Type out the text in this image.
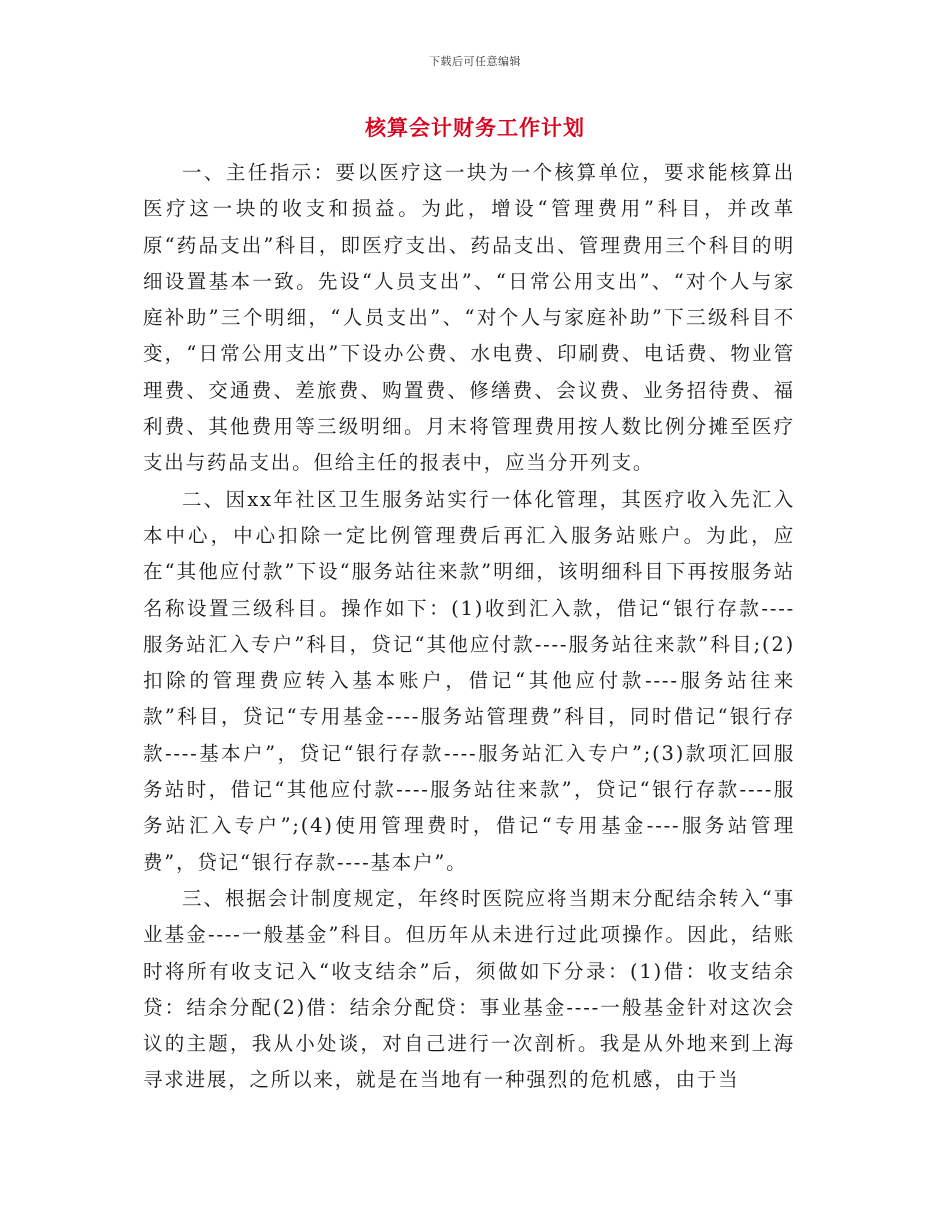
下载后可任意编辑
核算会计财务工作计划

一、主任指示：要以医疗这一块为一个核算单位，要求能核算出医疗这一块的收支和损益。为此，增设“管理费用”科目，并改革原“药品支出”科目，即医疗支出、药品支出、管理费用三个科目的明细设置基本一致。先设“人员支出”、“日常公用支出”、“对个人与家庭补助”三个明细，“人员支出”、“对个人与家庭补助”下三级科目不变，“日常公用支出”下设办公费、水电费、印刷费、电话费、物业管理费、交通费、差旅费、购置费、修缮费、会议费、业务招待费、福利费、其他费用等三级明细。月末将管理费用按人数比例分摊至医疗支出与药品支出。但给主任的报表中，应当分开列支。

二、因xx年社区卫生服务站实行一体化管理，其医疗收入先汇入本中心，中心扣除一定比例管理费后再汇入服务站账户。为此，应在“其他应付款”下设“服务站往来款”明细，该明细科目下再按服务站名称设置三级科目。操作如下：(1)收到汇入款，借记“银行存款----服务站汇入专户”科目，贷记“其他应付款----服务站往来款”科目;(2)扣除的管理费应转入基本账户，借记“其他应付款----服务站往来款”科目，贷记“专用基金----服务站管理费”科目，同时借记“银行存款----基本户”，贷记“银行存款----服务站汇入专户”;(3)款项汇回服务站时，借记“其他应付款----服务站往来款”，贷记“银行存款----服务站汇入专户”;(4)使用管理费时，借记“专用基金----服务站管理费”，贷记“银行存款----基本户”。

三、根据会计制度规定，年终时医院应将当期末分配结余转入“事业基金----一般基金”科目。但历年从未进行过此项操作。因此，结账时将所有收支记入“收支结余”后，须做如下分录：(1)借：收支结余贷：结余分配(2)借：结余分配贷：事业基金----一般基金针对这次会议的主题，我从小处谈，对自己进行一次剖析。我是从外地来到上海寻求进展，之所以来，就是在当地有一种强烈的危机感，由于当
